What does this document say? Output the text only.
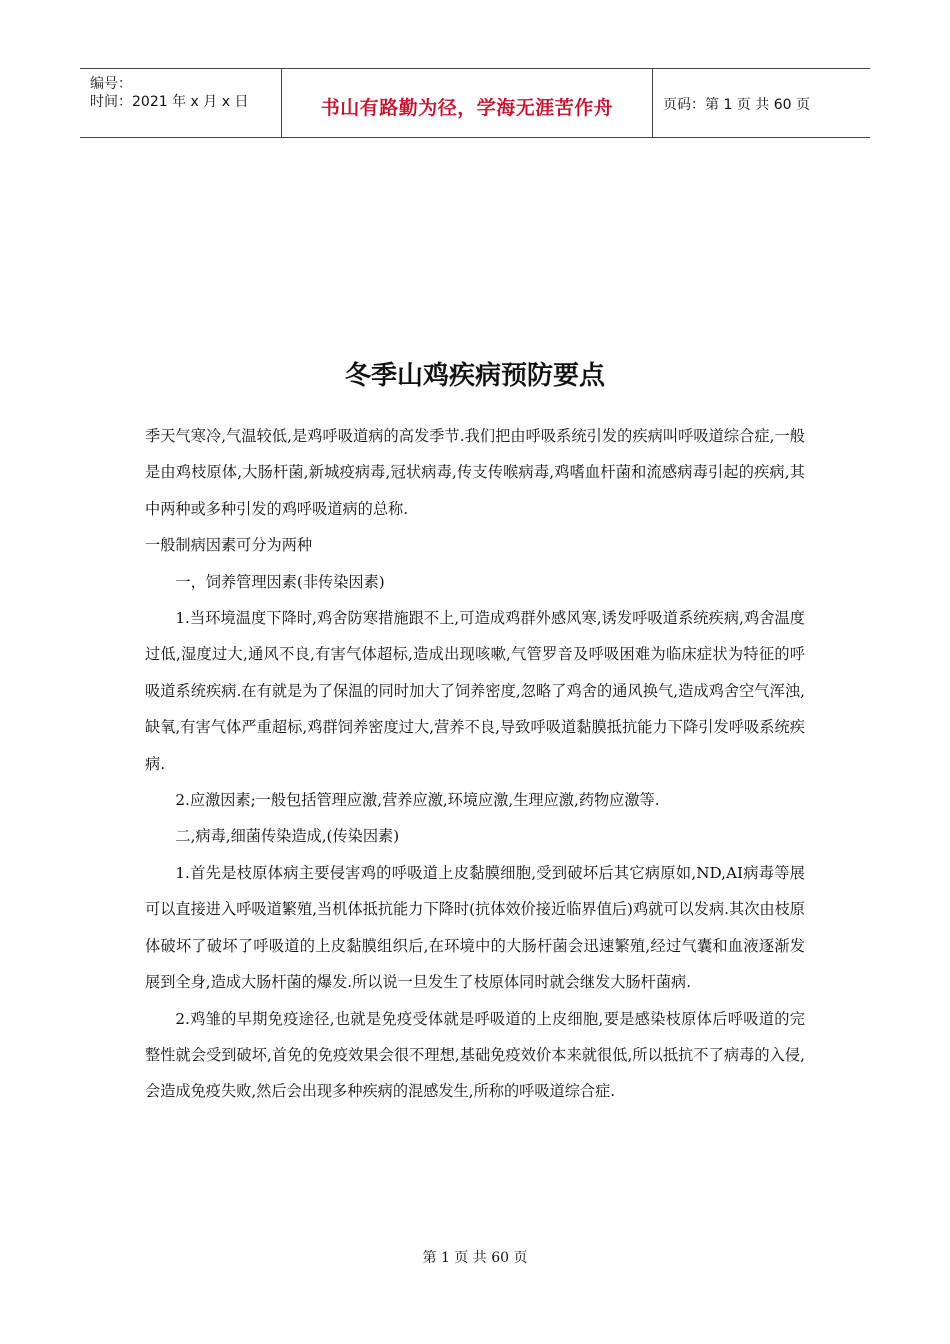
编号：
时间：2021 年 x 月 x 日	书山有路勤为径，学海无涯苦作舟	页码：第 1 页 共 60 页
冬季山鸡疾病预防要点

季天气寒冷,气温较低,是鸡呼吸道病的高发季节.我们把由呼吸系统引发的疾病叫呼吸道综合症,一般是由鸡枝原体,大肠杆菌,新城疫病毒,冠状病毒,传支传喉病毒,鸡嗜血杆菌和流感病毒引起的疾病,其中两种或多种引发的鸡呼吸道病的总称.

一般制病因素可分为两种

一，饲养管理因素(非传染因素)

1.当环境温度下降时,鸡舍防寒措施跟不上,可造成鸡群外感风寒,诱发呼吸道系统疾病,鸡舍温度过低,湿度过大,通风不良,有害气体超标,造成出现咳嗽,气管罗音及呼吸困难为临床症状为特征的呼吸道系统疾病.在有就是为了保温的同时加大了饲养密度,忽略了鸡舍的通风换气,造成鸡舍空气浑浊,缺氧,有害气体严重超标,鸡群饲养密度过大,营养不良,导致呼吸道黏膜抵抗能力下降引发呼吸系统疾病.

2.应激因素;一般包括管理应激,营养应激,环境应激,生理应激,药物应激等.

二,病毒,细菌传染造成,(传染因素)

1.首先是枝原体病主要侵害鸡的呼吸道上皮黏膜细胞,受到破坏后其它病原如,ND,AI病毒等展可以直接进入呼吸道繁殖,当机体抵抗能力下降时(抗体效价接近临界值后)鸡就可以发病.其次由枝原体破坏了破坏了呼吸道的上皮黏膜组织后,在环境中的大肠杆菌会迅速繁殖,经过气囊和血液逐渐发展到全身,造成大肠杆菌的爆发.所以说一旦发生了枝原体同时就会继发大肠杆菌病.

2.鸡雏的早期免疫途径,也就是免疫受体就是呼吸道的上皮细胞,要是感染枝原体后呼吸道的完整性就会受到破坏,首免的免疫效果会很不理想,基础免疫效价本来就很低,所以抵抗不了病毒的入侵,会造成免疫失败,然后会出现多种疾病的混感发生,所称的呼吸道综合症.

第 1 页 共 60 页
